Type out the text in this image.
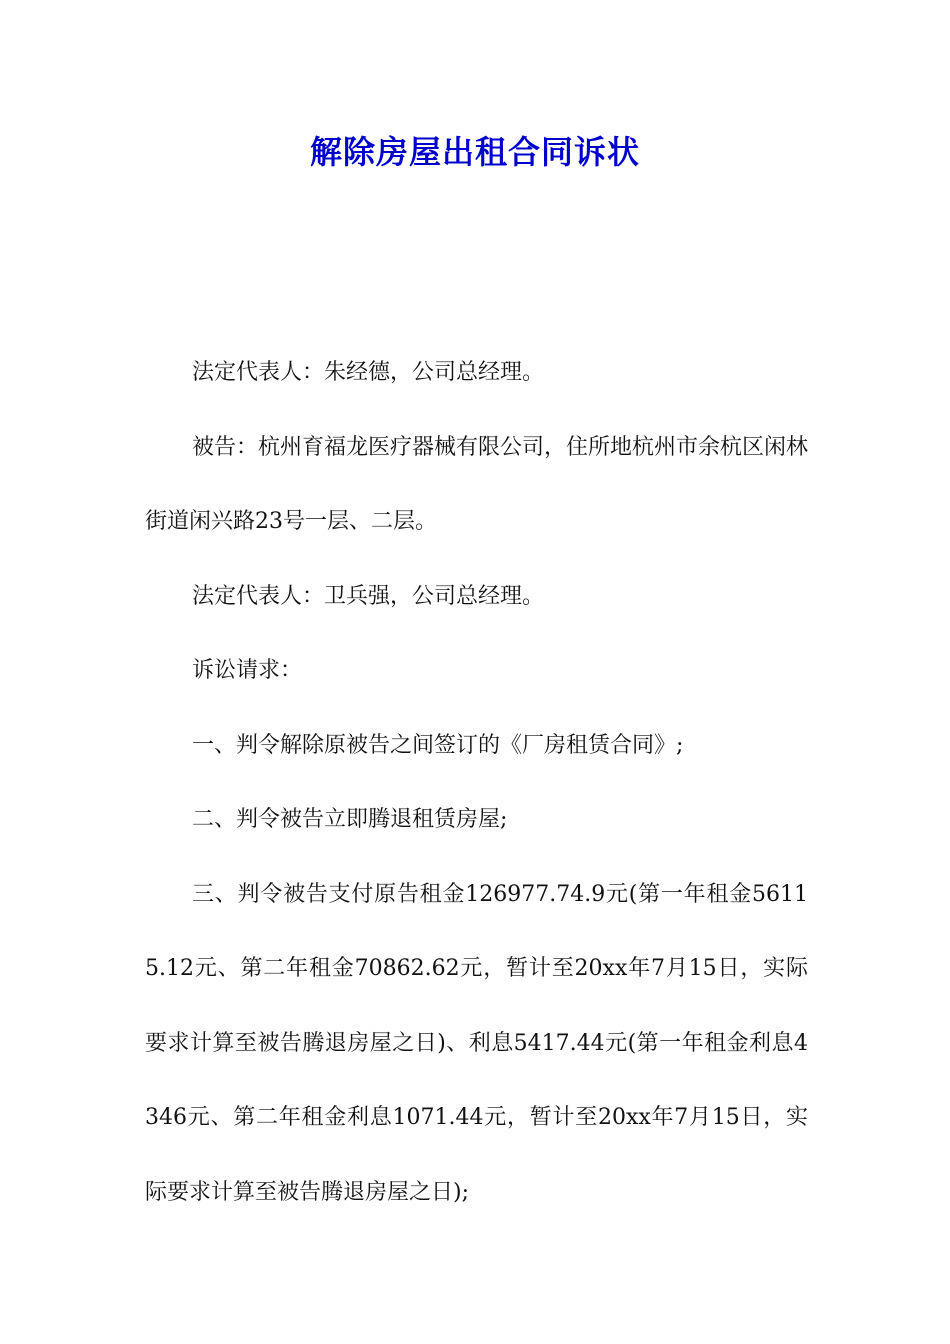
解除房屋出租合同诉状

法定代表人：朱经德，公司总经理。

被告：杭州育福龙医疗器械有限公司，住所地杭州市余杭区闲林街道闲兴路23号一层、二层。

法定代表人：卫兵强，公司总经理。

诉讼请求：

一、判令解除原被告之间签订的《厂房租赁合同》;

二、判令被告立即腾退租赁房屋;

三、判令被告支付原告租金126977.74.9元(第一年租金56115.12元、第二年租金70862.62元，暂计至20xx年7月15日，实际要求计算至被告腾退房屋之日)、利息5417.44元(第一年租金利息4346元、第二年租金利息1071.44元，暂计至20xx年7月15日，实际要求计算至被告腾退房屋之日);
